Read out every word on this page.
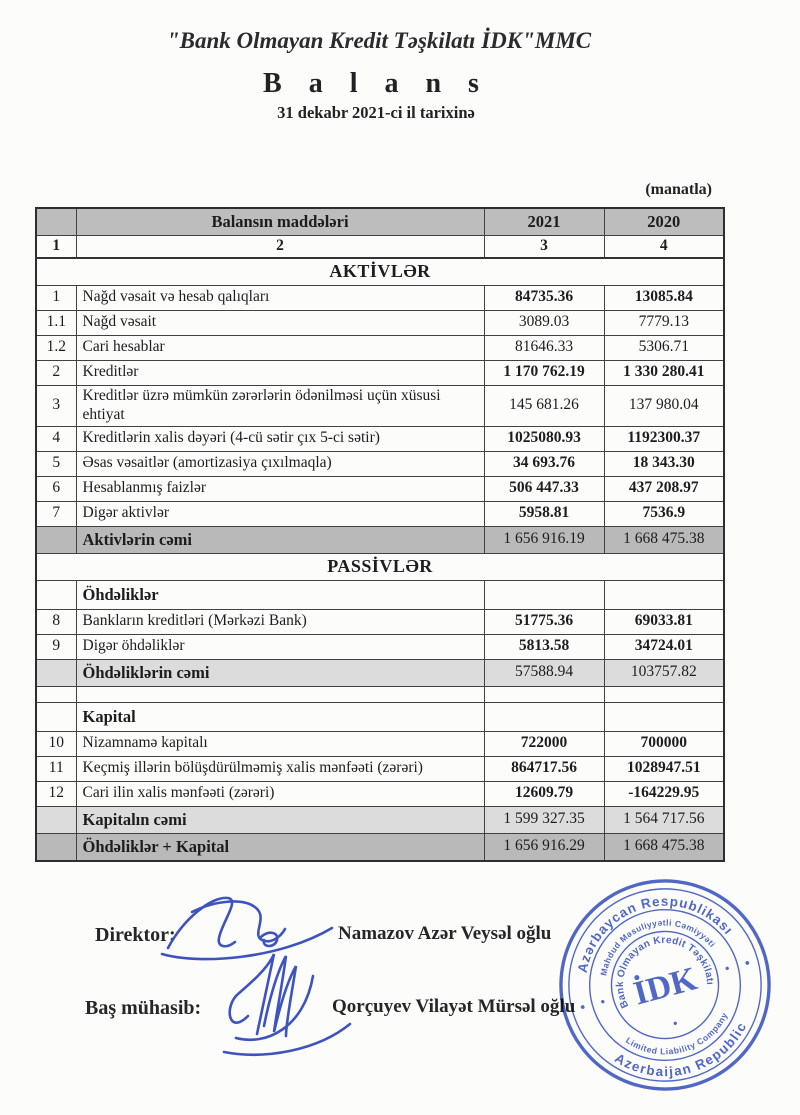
"Bank Olmayan Kredit Təşkilatı İDK"MMC
B a l a n s
31 dekabr 2021-ci il tarixinə
(manatla)
	Balansın maddələri	2021	2020
1	2	3	4
AKTİVLƏR			
1	Nağd vəsait və hesab qalıqları	84735.36	13085.84
1.1	Nağd vəsait	3089.03	7779.13
1.2	Cari hesablar	81646.33	5306.71
2	Kreditlər	1 170 762.19	1 330 280.41
3	Kreditlər üzrə mümkün zərərlərin ödənilməsi uçün xüsusi ehtiyat	145 681.26	137 980.04
4	Kreditlərin xalis dəyəri (4-cü sətir çıx 5-ci sətir)	1025080.93	1192300.37
5	Əsas vəsaitlər (amortizasiya çıxılmaqla)	34 693.76	18 343.30
6	Hesablanmış faizlər	506 447.33	437 208.97
7	Digər aktivlər	5958.81	7536.9
	Aktivlərin cəmi	1 656 916.19	1 668 475.38
PASSİVLƏR			
	Öhdəliklər		
8	Bankların kreditləri (Mərkəzi Bank)	51775.36	69033.81
9	Digər öhdəliklər	5813.58	34724.01
	Öhdəliklərin cəmi	57588.94	103757.82

	Kapital		
10	Nizamnamə kapitalı	722000	700000
11	Keçmiş illərin bölüşdürülməmiş xalis mənfəəti (zərəri)	864717.56	1028947.51
12	Cari ilin xalis mənfəəti (zərəri)	12609.79	-164229.95
	Kapitalın cəmi	1 599 327.35	1 564 717.56
	Öhdəliklər + Kapital	1 656 916.29	1 668 475.38
Direktor:	Namazov Azər Veysəl oğlu
Baş mühasib:	Qorçuyev Vilayət Mürsəl oğlu
Azərbaycan Respublikası
Azerbaijan Republic
Mahdud Məsuliyyətli Cəmiyyəti
Limited Liability Company
Bank Olmayan Kredit Təşkilatı
İDK
